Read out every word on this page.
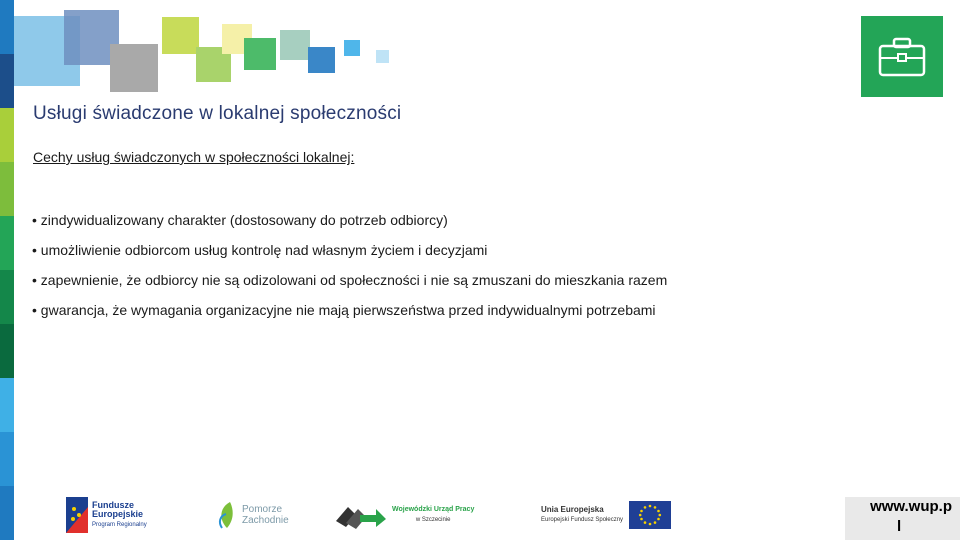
Usługi świadczone w lokalnej społeczności
Cechy usług świadczonych w społeczności lokalnej:
• zindywidualizowany charakter (dostosowany do potrzeb odbiorcy)
• umożliwienie odbiorcom usług kontrolę nad własnym życiem i decyzjami
• zapewnienie, że odbiorcy nie są odizolowani od społeczności i nie są zmuszani do mieszkania razem
• gwarancja, że wymagania organizacyjne nie mają pierwszeństwa przed indywidualnymi potrzebami
Fundusze
Europejskie
Program Regionalny
Pomorze
Zachodnie
Wojewódzki Urząd Pracy
w Szczecinie
Unia Europejska
Europejski Fundusz Społeczny
www.wup.p
l
